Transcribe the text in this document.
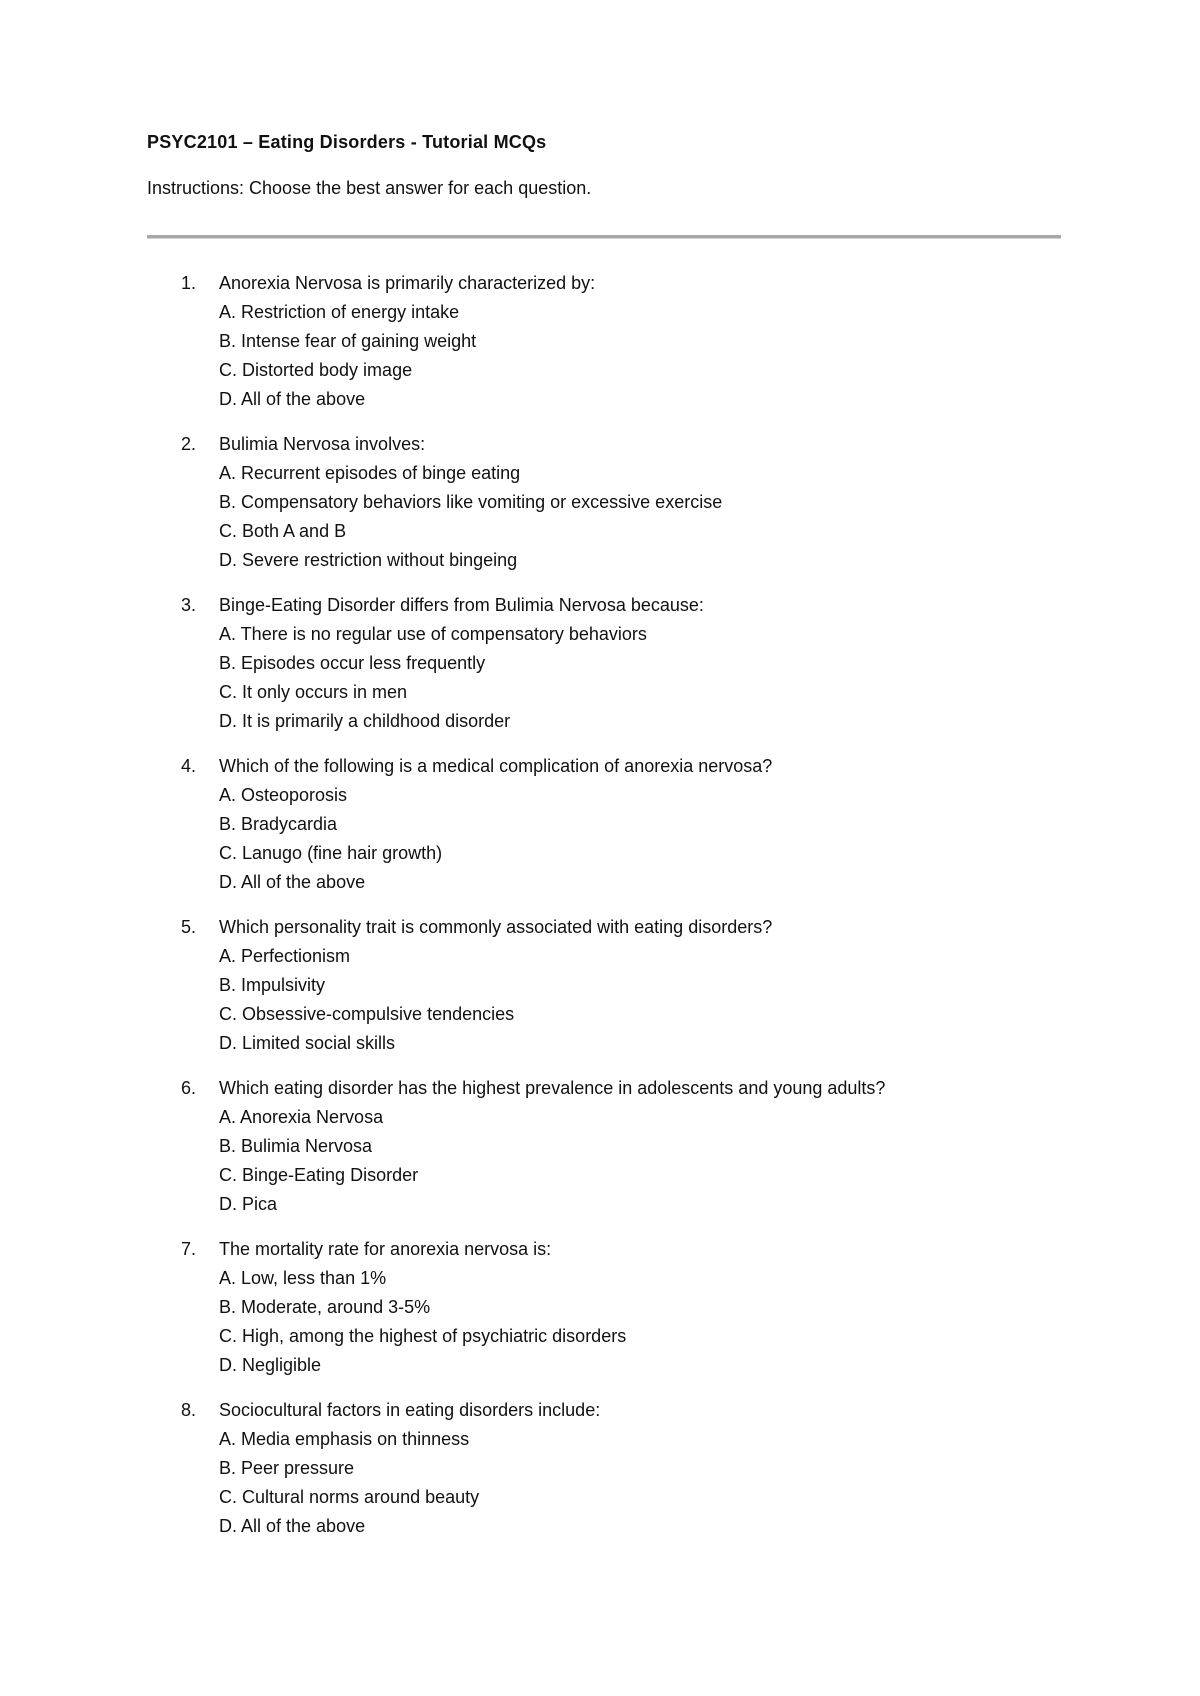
PSYC2101 – Eating Disorders - Tutorial MCQs
Instructions: Choose the best answer for each question.
1.	Anorexia Nervosa is primarily characterized by:
A. Restriction of energy intake
B. Intense fear of gaining weight
C. Distorted body image
D. All of the above
2.	Bulimia Nervosa involves:
A. Recurrent episodes of binge eating
B. Compensatory behaviors like vomiting or excessive exercise
C. Both A and B
D. Severe restriction without bingeing
3.	Binge-Eating Disorder differs from Bulimia Nervosa because:
A. There is no regular use of compensatory behaviors
B. Episodes occur less frequently
C. It only occurs in men
D. It is primarily a childhood disorder
4.	Which of the following is a medical complication of anorexia nervosa?
A. Osteoporosis
B. Bradycardia
C. Lanugo (fine hair growth)
D. All of the above
5.	Which personality trait is commonly associated with eating disorders?
A. Perfectionism
B. Impulsivity
C. Obsessive-compulsive tendencies
D. Limited social skills
6.	Which eating disorder has the highest prevalence in adolescents and young adults?
A. Anorexia Nervosa
B. Bulimia Nervosa
C. Binge-Eating Disorder
D. Pica
7.	The mortality rate for anorexia nervosa is:
A. Low, less than 1%
B. Moderate, around 3-5%
C. High, among the highest of psychiatric disorders
D. Negligible
8.	Sociocultural factors in eating disorders include:
A. Media emphasis on thinness
B. Peer pressure
C. Cultural norms around beauty
D. All of the above
